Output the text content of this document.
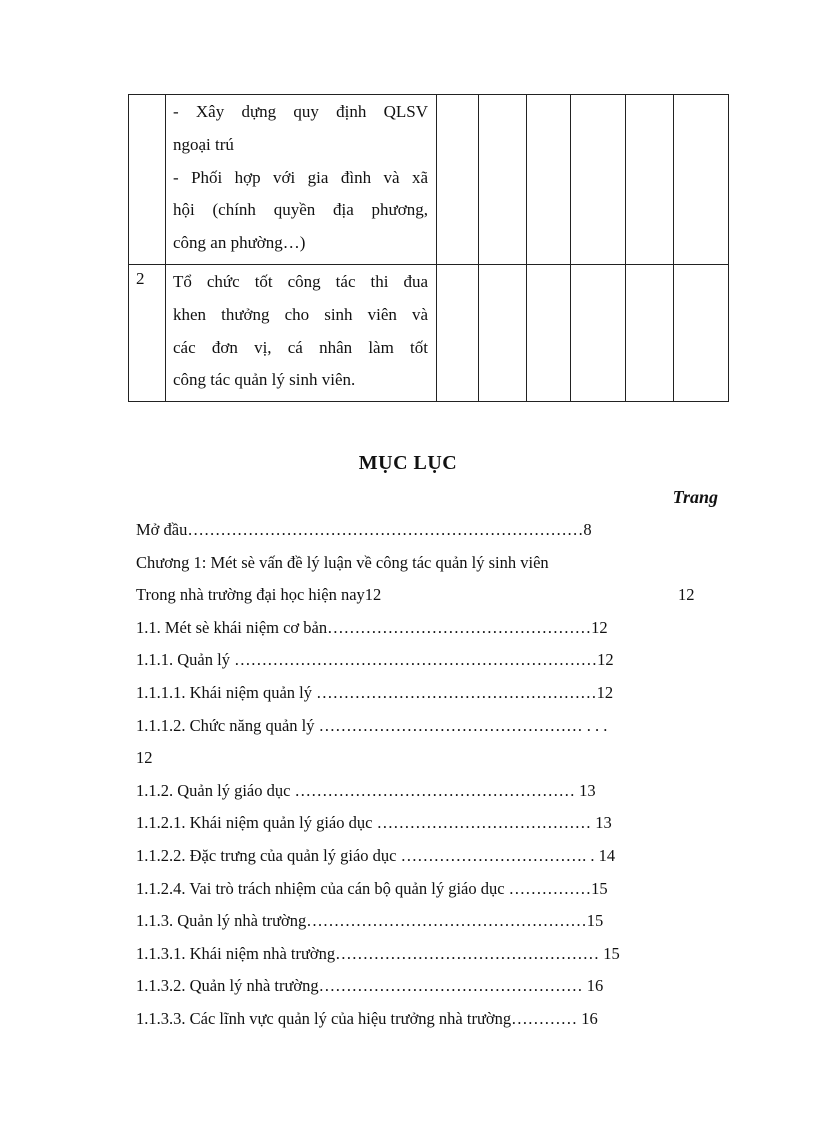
	- Xây dựng quy định QLSV
ngoại trú
- Phối hợp với gia đình và xã
hội (chính quyền địa phương,
công an phường…)						

2	Tổ chức tốt công tác thi đua
khen thưởng cho sinh viên và
các đơn vị, cá nhân làm tốt
công tác quản lý sinh viên.						

MỤC LỤC
Trang
Mở đầu………………………………………………………………8
Chương 1: Mét sè vấn đề lý luận về công tác quản lý sinh viên
Trong nhà trường đại học hiện nay12	12
1.1. Mét sè khái niệm cơ bản…………………………………………12
1.1.1. Quản lý …………………………………………………………12
1.1.1.1. Khái niệm quản lý ……………………………………………12
1.1.1.2. Chức năng quản lý ………………………………………… . . .
12
1.1.2. Quản lý giáo dục …………………………………………… 13
1.1.2.1. Khái niệm quản lý giáo dục ………………………………… 13
1.1.2.2. Đặc trưng của quản lý giáo dục ……………………………. . 14
1.1.2.4. Vai trò trách nhiệm của cán bộ quản lý giáo dục ……………15
1.1.3. Quản lý nhà trường……………………………………………15
1.1.3.1. Khái niệm nhà trường………………………………………… 15
1.1.3.2. Quản lý nhà trường………………………………………… 16
1.1.3.3. Các lĩnh vực quản lý của hiệu trưởng nhà trường………… 16
